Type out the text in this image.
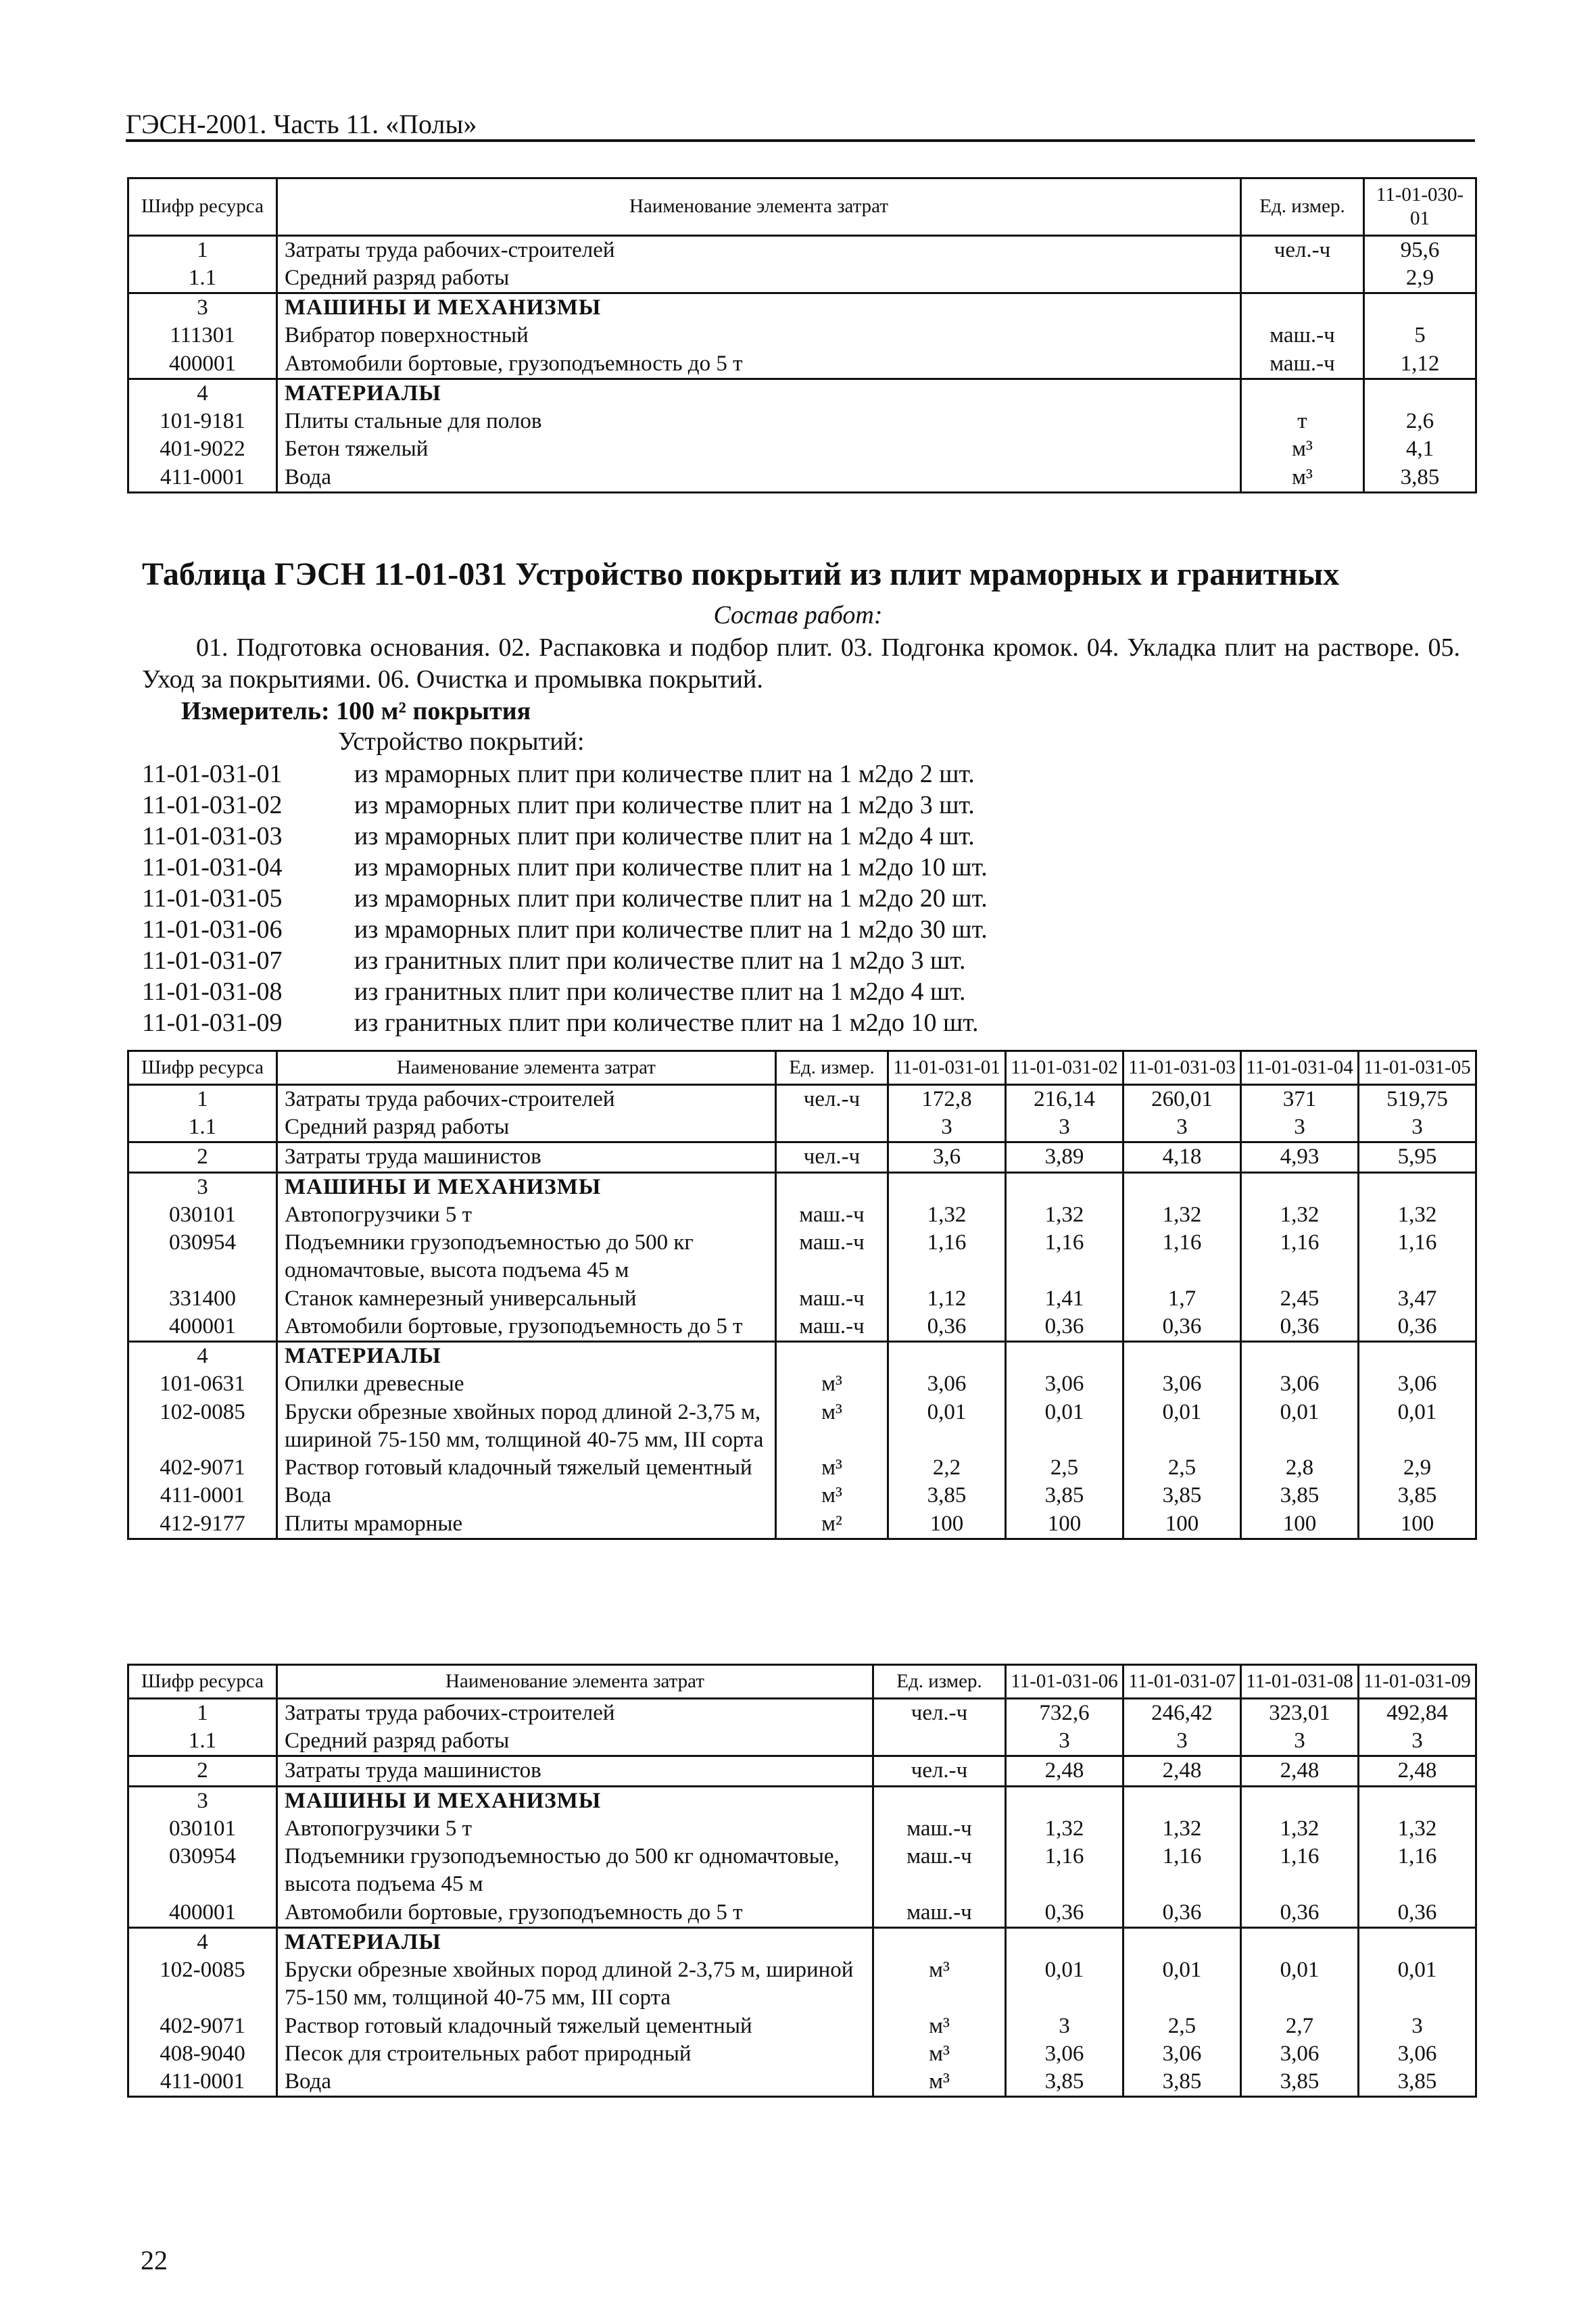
ГЭСН-2001. Часть 11. «Полы»
Шифр ресурса	Наименование элемента затрат	Ед. измер.	11-01-030-01
1	Затраты труда рабочих-строителей	чел.-ч	95,6
1.1	Средний разряд работы		2,9
3	МАШИНЫ И МЕХАНИЗМЫ		
111301	Вибратор поверхностный	маш.-ч	5
400001	Автомобили бортовые, грузоподъемность до 5 т	маш.-ч	1,12
4	МАТЕРИАЛЫ		
101-9181	Плиты стальные для полов	т	2,6
401-9022	Бетон тяжелый	м³	4,1
411-0001	Вода	м³	3,85
Таблица ГЭСН 11-01-031 Устройство покрытий из плит мраморных и гранитных
Состав работ:
01. Подготовка основания. 02. Распаковка и подбор плит. 03. Подгонка кромок. 04. Укладка плит на растворе. 05. Уход за покрытиями. 06. Очистка и промывка покрытий.
Измеритель: 100 м² покрытия
Устройство покрытий:
11-01-031-01	из мраморных плит при количестве плит на 1 м2до 2 шт.
11-01-031-02	из мраморных плит при количестве плит на 1 м2до 3 шт.
11-01-031-03	из мраморных плит при количестве плит на 1 м2до 4 шт.
11-01-031-04	из мраморных плит при количестве плит на 1 м2до 10 шт.
11-01-031-05	из мраморных плит при количестве плит на 1 м2до 20 шт.
11-01-031-06	из мраморных плит при количестве плит на 1 м2до 30 шт.
11-01-031-07	из гранитных плит при количестве плит на 1 м2до 3 шт.
11-01-031-08	из гранитных плит при количестве плит на 1 м2до 4 шт.
11-01-031-09	из гранитных плит при количестве плит на 1 м2до 10 шт.
Шифр ресурса	Наименование элемента затрат	Ед. измер.	11-01-031-01	11-01-031-02	11-01-031-03	11-01-031-04	11-01-031-05
1	Затраты труда рабочих-строителей	чел.-ч	172,8	216,14	260,01	371	519,75
1.1	Средний разряд работы		3	3	3	3	3
2	Затраты труда машинистов	чел.-ч	3,6	3,89	4,18	4,93	5,95
3	МАШИНЫ И МЕХАНИЗМЫ						
030101	Автопогрузчики 5 т	маш.-ч	1,32	1,32	1,32	1,32	1,32
030954	Подъемники грузоподъемностью до 500 кг одномачтовые, высота подъема 45 м	маш.-ч	1,16	1,16	1,16	1,16	1,16
331400	Станок камнерезный универсальный	маш.-ч	1,12	1,41	1,7	2,45	3,47
400001	Автомобили бортовые, грузоподъемность до 5 т	маш.-ч	0,36	0,36	0,36	0,36	0,36
4	МАТЕРИАЛЫ						
101-0631	Опилки древесные	м³	3,06	3,06	3,06	3,06	3,06
102-0085	Бруски обрезные хвойных пород длиной 2-3,75 м, шириной 75-150 мм, толщиной 40-75 мм, III сорта	м³	0,01	0,01	0,01	0,01	0,01
402-9071	Раствор готовый кладочный тяжелый цементный	м³	2,2	2,5	2,5	2,8	2,9
411-0001	Вода	м³	3,85	3,85	3,85	3,85	3,85
412-9177	Плиты мраморные	м²	100	100	100	100	100
Шифр ресурса	Наименование элемента затрат	Ед. измер.	11-01-031-06	11-01-031-07	11-01-031-08	11-01-031-09
1	Затраты труда рабочих-строителей	чел.-ч	732,6	246,42	323,01	492,84
1.1	Средний разряд работы		3	3	3	3
2	Затраты труда машинистов	чел.-ч	2,48	2,48	2,48	2,48
3	МАШИНЫ И МЕХАНИЗМЫ					
030101	Автопогрузчики 5 т	маш.-ч	1,32	1,32	1,32	1,32
030954	Подъемники грузоподъемностью до 500 кг одномачтовые, высота подъема 45 м	маш.-ч	1,16	1,16	1,16	1,16
400001	Автомобили бортовые, грузоподъемность до 5 т	маш.-ч	0,36	0,36	0,36	0,36
4	МАТЕРИАЛЫ					
102-0085	Бруски обрезные хвойных пород длиной 2-3,75 м, шириной 75-150 мм, толщиной 40-75 мм, III сорта	м³	0,01	0,01	0,01	0,01
402-9071	Раствор готовый кладочный тяжелый цементный	м³	3	2,5	2,7	3
408-9040	Песок для строительных работ природный	м³	3,06	3,06	3,06	3,06
411-0001	Вода	м³	3,85	3,85	3,85	3,85
22
